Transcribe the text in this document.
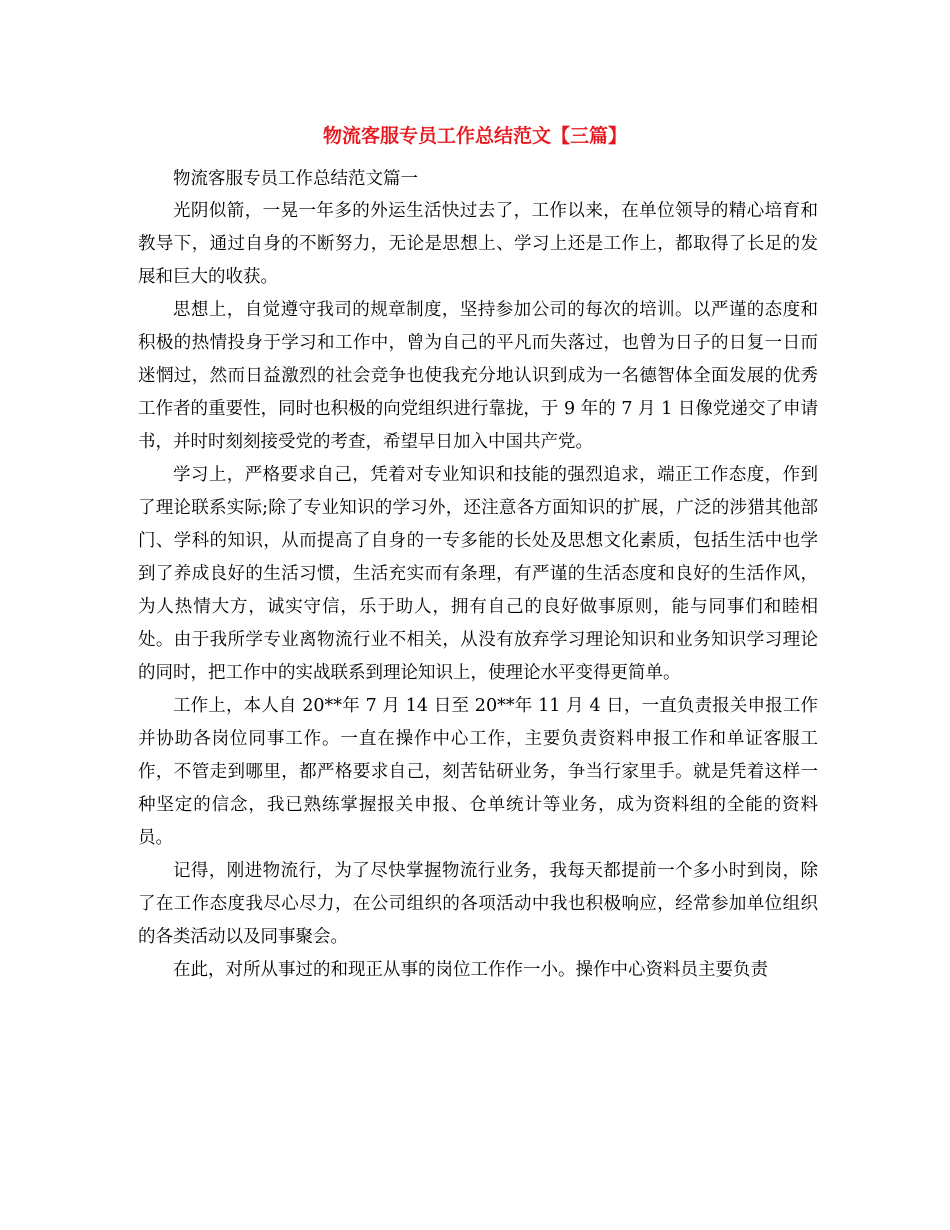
物流客服专员工作总结范文【三篇】

物流客服专员工作总结范文篇一

光阴似箭，一晃一年多的外运生活快过去了，工作以来，在单位领导的精心培育和教导下，通过自身的不断努力，无论是思想上、学习上还是工作上，都取得了长足的发展和巨大的收获。

思想上，自觉遵守我司的规章制度，坚持参加公司的每次的培训。以严谨的态度和积极的热情投身于学习和工作中，曾为自己的平凡而失落过，也曾为日子的日复一日而迷惘过，然而日益激烈的社会竞争也使我充分地认识到成为一名德智体全面发展的优秀工作者的重要性，同时也积极的向党组织进行靠拢，于 9 年的 7 月 1 日像党递交了申请书，并时时刻刻接受党的考查，希望早日加入中国共产党。

学习上，严格要求自己，凭着对专业知识和技能的强烈追求，端正工作态度，作到了理论联系实际;除了专业知识的学习外，还注意各方面知识的扩展，广泛的涉猎其他部门、学科的知识，从而提高了自身的一专多能的长处及思想文化素质，包括生活中也学到了养成良好的生活习惯，生活充实而有条理，有严谨的生活态度和良好的生活作风，为人热情大方，诚实守信，乐于助人，拥有自己的良好做事原则，能与同事们和睦相处。由于我所学专业离物流行业不相关，从没有放弃学习理论知识和业务知识学习理论的同时，把工作中的实战联系到理论知识上，使理论水平变得更简单。

工作上，本人自 20**年 7 月 14 日至 20**年 11 月 4 日，一直负责报关申报工作并协助各岗位同事工作。一直在操作中心工作，主要负责资料申报工作和单证客服工作，不管走到哪里，都严格要求自己，刻苦钻研业务，争当行家里手。就是凭着这样一种坚定的信念，我已熟练掌握报关申报、仓单统计等业务，成为资料组的全能的资料员。

记得，刚进物流行，为了尽快掌握物流行业务，我每天都提前一个多小时到岗，除了在工作态度我尽心尽力，在公司组织的各项活动中我也积极响应，经常参加单位组织的各类活动以及同事聚会。

在此，对所从事过的和现正从事的岗位工作作一小。操作中心资料员主要负责
